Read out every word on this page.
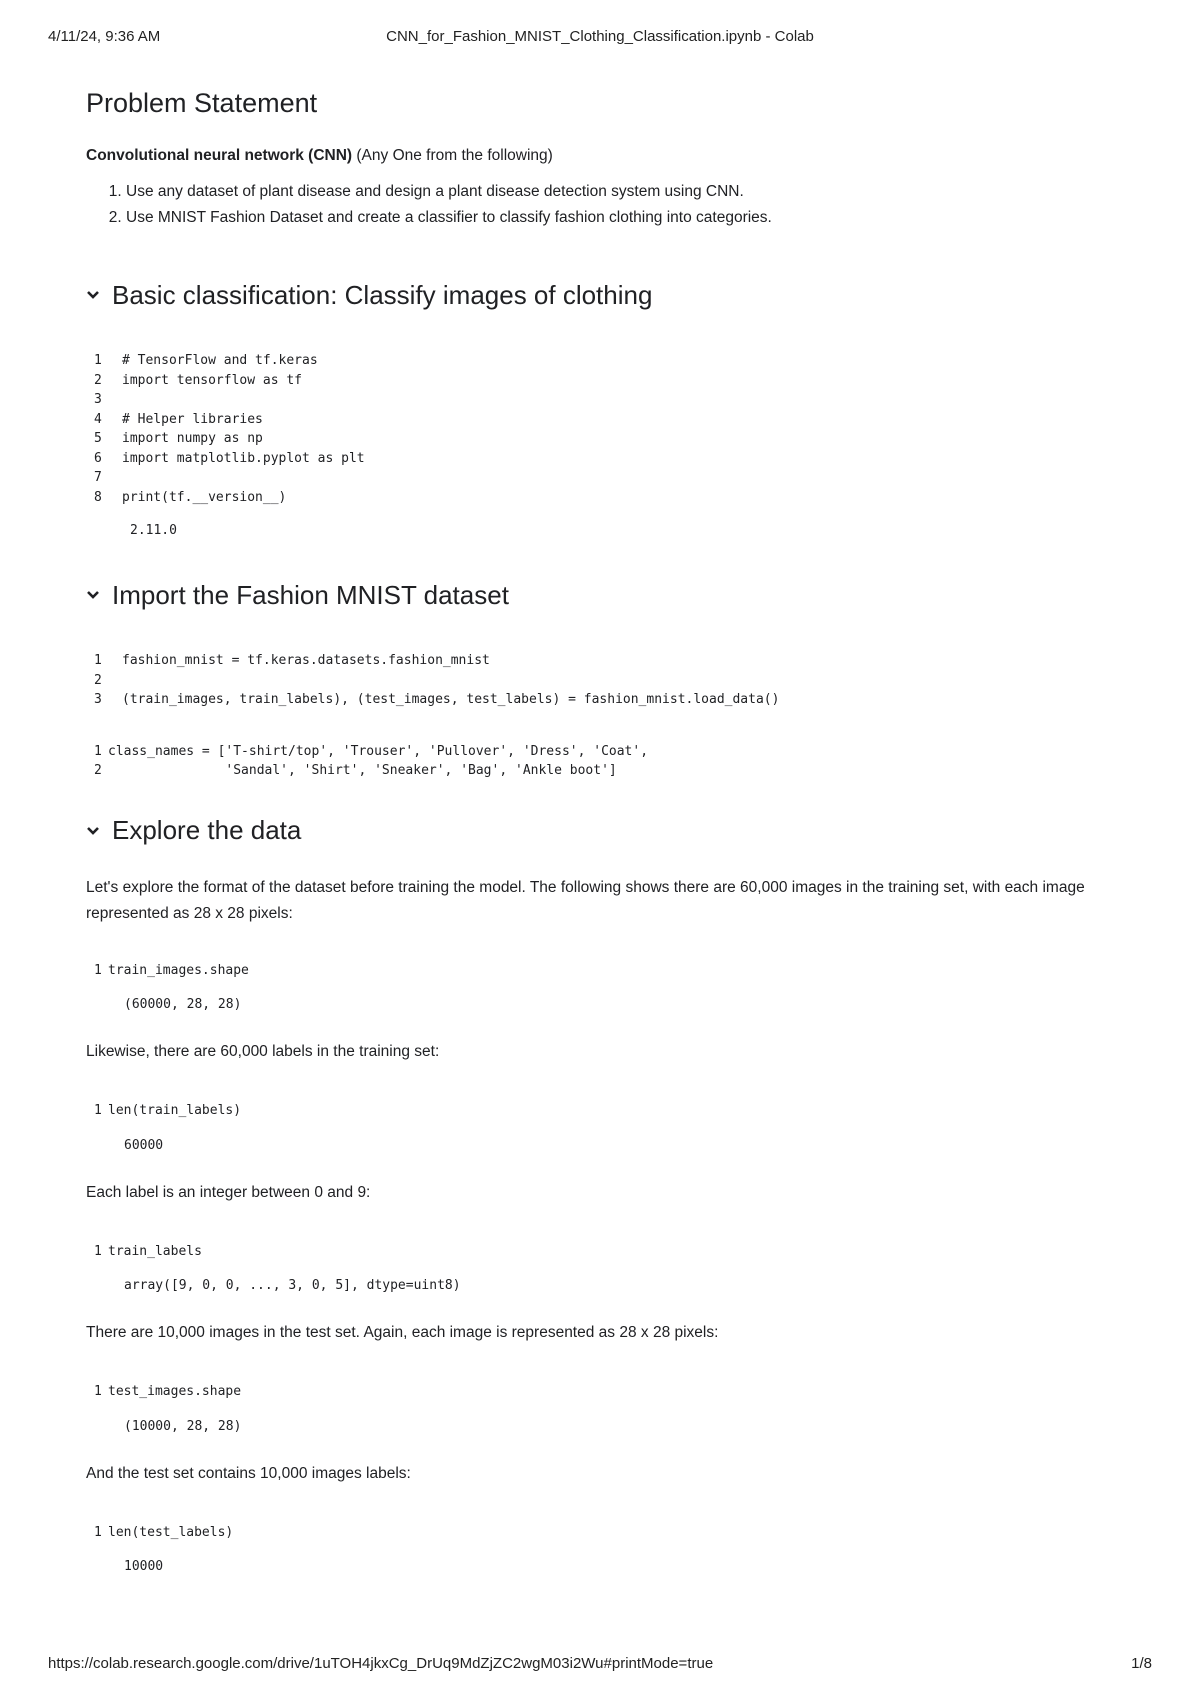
4/11/24, 9:36 AM	CNN_for_Fashion_MNIST_Clothing_Classification.ipynb - Colab
Problem Statement

Convolutional neural network (CNN) (Any One from the following)

1. Use any dataset of plant disease and design a plant disease detection system using CNN.
2. Use MNIST Fashion Dataset and create a classifier to classify fashion clothing into categories.
Basic classification: Classify images of clothing
1	# TensorFlow and tf.keras
2	import tensorflow as tf
3
4	# Helper libraries
5	import numpy as np
6	import matplotlib.pyplot as plt
7
8	print(tf.__version__)
2.11.0
Import the Fashion MNIST dataset
1	fashion_mnist = tf.keras.datasets.fashion_mnist
2
3	(train_images, train_labels), (test_images, test_labels) = fashion_mnist.load_data()
1 class_names = ['T-shirt/top', 'Trouser', 'Pullover', 'Dress', 'Coat',
2 'Sandal', 'Shirt', 'Sneaker', 'Bag', 'Ankle boot']
Explore the data

Let's explore the format of the dataset before training the model. The following shows there are 60,000 images in the training set, with each image represented as 28 x 28 pixels:

1 train_images.shape
(60000, 28, 28)

Likewise, there are 60,000 labels in the training set:

1 len(train_labels)
60000

Each label is an integer between 0 and 9:

1 train_labels
array([9, 0, 0, ..., 3, 0, 5], dtype=uint8)

There are 10,000 images in the test set. Again, each image is represented as 28 x 28 pixels:

1 test_images.shape
(10000, 28, 28)

And the test set contains 10,000 images labels:

1 len(test_labels)
10000
https://colab.research.google.com/drive/1uTOH4jkxCg_DrUq9MdZjZC2wgM03i2Wu#printMode=true	1/8
